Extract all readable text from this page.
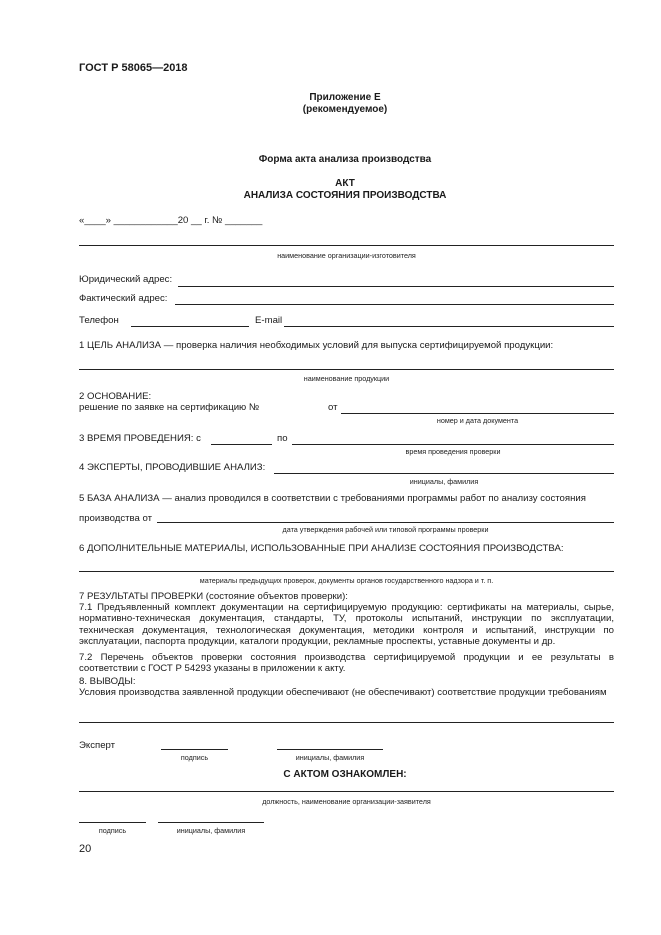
ГОСТ Р 58065—2018
Приложение Е
(рекомендуемое)
Форма акта анализа производства
АКТ
АНАЛИЗА СОСТОЯНИЯ ПРОИЗВОДСТВА
«____» ____________20 __ г. № _______
наименование организации-изготовителя
Юридический адрес:
Фактический адрес:
Телефон	E-mail
1 ЦЕЛЬ АНАЛИЗА — проверка наличия необходимых условий для выпуска сертифицируемой продукции:
наименование продукции
2 ОСНОВАНИЕ:
решение по заявке на сертификацию №	от
номер и дата документа
3 ВРЕМЯ ПРОВЕДЕНИЯ: с	по
время проведения проверки
4 ЭКСПЕРТЫ, ПРОВОДИВШИЕ АНАЛИЗ:
инициалы, фамилия
5 БАЗА АНАЛИЗА — анализ проводился в соответствии с требованиями программы работ по анализу состояния
производства от
дата утверждения рабочей или типовой программы проверки
6 ДОПОЛНИТЕЛЬНЫЕ МАТЕРИАЛЫ, ИСПОЛЬЗОВАННЫЕ ПРИ АНАЛИЗЕ СОСТОЯНИЯ ПРОИЗВОДСТВА:
материалы предыдущих проверок, документы органов государственного надзора и т. п.
7 РЕЗУЛЬТАТЫ ПРОВЕРКИ (состояние объектов проверки):
7.1 Предъявленный комплект документации на сертифицируемую продукцию: сертификаты на материалы, сырье, нормативно-техническая документация, стандарты, ТУ, протоколы испытаний, инструкции по эксплуатации, техническая документация, технологическая документация, методики контроля и испытаний, инструкции по эксплуатации, паспорта продукции, каталоги продукции, рекламные проспекты, уставные документы и др.
7.2 Перечень объектов проверки состояния производства сертифицируемой продукции и ее результаты в соответствии с ГОСТ Р 54293 указаны в приложении к акту.
8. ВЫВОДЫ:
Условия производства заявленной продукции обеспечивают (не обеспечивают) соответствие продукции требованиям
Эксперт
подпись	инициалы, фамилия
С АКТОМ ОЗНАКОМЛЕН:
должность, наименование организации-заявителя
подпись	инициалы, фамилия
20
